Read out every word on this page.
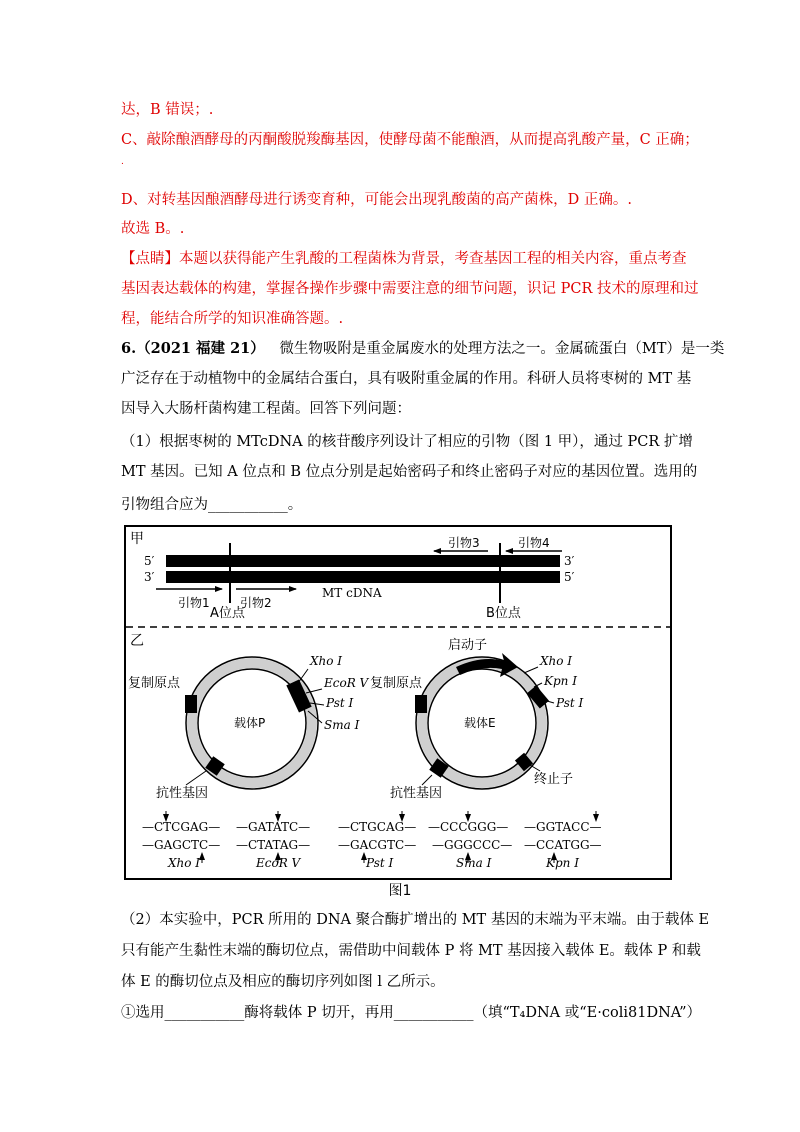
达，B 错误；.
C、敲除酿酒酵母的丙酮酸脱羧酶基因，使酵母菌不能酿酒，从而提高乳酸产量，C 正确；
.
D、对转基因酿酒酵母进行诱变育种，可能会出现乳酸菌的高产菌株，D 正确。.
故选 B。.
【点睛】本题以获得能产生乳酸的工程菌株为背景，考查基因工程的相关内容，重点考查
基因表达载体的构建，掌握各操作步骤中需要注意的细节问题，识记 PCR 技术的原理和过
程，能结合所学的知识准确答题。.
6.（2021 福建 21） 微生物吸附是重金属废水的处理方法之一。金属硫蛋白（MT）是一类
广泛存在于动植物中的金属结合蛋白，具有吸附重金属的作用。科研人员将枣树的 MT 基
因导入大肠杆菌构建工程菌。回答下列问题：
（1）根据枣树的 MTcDNA 的核苷酸序列设计了相应的引物（图 1 甲），通过 PCR 扩增
MT 基因。已知 A 位点和 B 位点分别是起始密码子和终止密码子对应的基因位置。选用的
引物组合应为___________。
甲
5′
3′
3′
5′
引物3	引物4
引物1	引物2
MT cDNA
A位点	B位点
乙
载体P
复制原点
Xho I
EcoR V
Pst I
Sma I
抗性基因
载体E
启动子
复制原点
Xho I
Kpn I
Pst I
抗性基因
终止子
—CTCGAG—
—GAGCTC—
Xho I
—GATATC—
—CTATAG—
EcoR V
—CTGCAG—
—GACGTC—
Pst I
—CCCGGG—
—GGGCCC—
Sma I
—GGTACC—
—CCATGG—
Kpn I
图1
（2）本实验中，PCR 所用的 DNA 聚合酶扩增出的 MT 基因的末端为平末端。由于载体 E
只有能产生黏性末端的酶切位点，需借助中间载体 P 将 MT 基因接入载体 E。载体 P 和载
体 E 的酶切位点及相应的酶切序列如图 l 乙所示。
①选用___________酶将载体 P 切开，再用___________（填“T₄DNA 或“E·coli81DNA”）
